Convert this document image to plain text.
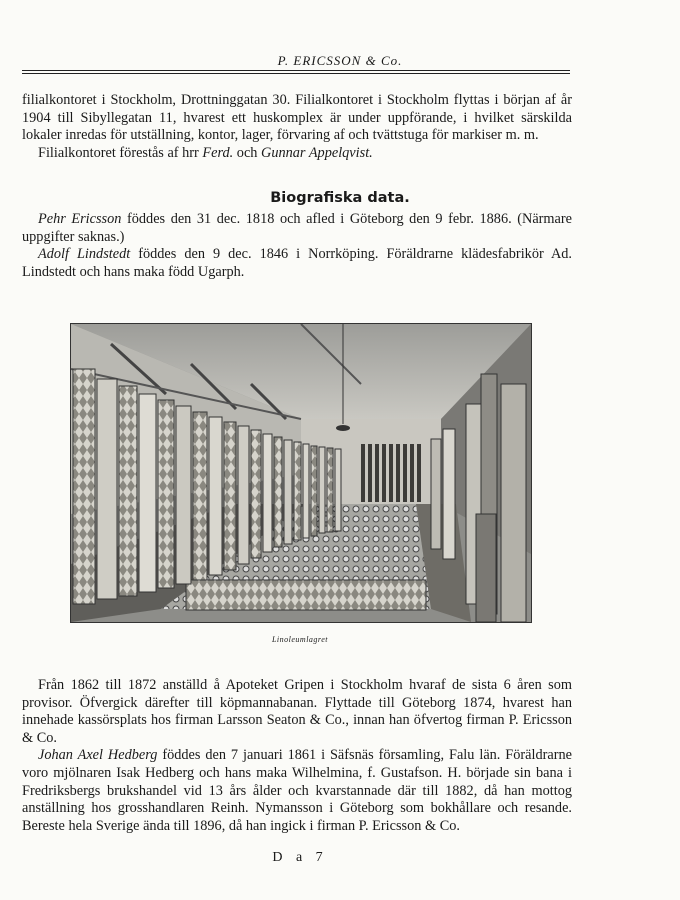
P. ERICSSON & Co.

filialkontoret i Stockholm, Drottninggatan 30. Filialkontoret i Stockholm flyttas i början af år 1904 till Sibyllegatan 11, hvarest ett huskomplex är under uppförande, i hvilket särskilda lokaler inredas för utställning, kontor, lager, förvaring af och tvättstuga för markiser m. m.

Filialkontoret förestås af hrr Ferd. och Gunnar Appelqvist.

Biografiska data.

Pehr Ericsson föddes den 31 dec. 1818 och afled i Göteborg den 9 febr. 1886. (Närmare uppgifter saknas.)

Adolf Lindstedt föddes den 9 dec. 1846 i Norrköping. Föräldrarne klädesfabrikör Ad. Lindstedt och hans maka född Ugarph.

Linoleumlagret

Från 1862 till 1872 anställd å Apoteket Gripen i Stockholm hvaraf de sista 6 åren som provisor. Öfvergick därefter till köpmannabanan. Flyttade till Göteborg 1874, hvarest han innehade kassörsplats hos firman Larsson Seaton & Co., innan han öfvertog firman P. Ericsson & Co.

Johan Axel Hedberg föddes den 7 januari 1861 i Säfsnäs församling, Falu län. Föräldrarne voro mjölnaren Isak Hedberg och hans maka Wilhelmina, f. Gustafson. H. började sin bana i Fredriksbergs brukshandel vid 13 års ålder och kvarstannade där till 1882, då han mottog anställning hos grosshandlaren Reinh. Nymansson i Göteborg som bokhållare och resande. Bereste hela Sverige ända till 1896, då han ingick i firman P. Ericsson & Co.

D a 7
